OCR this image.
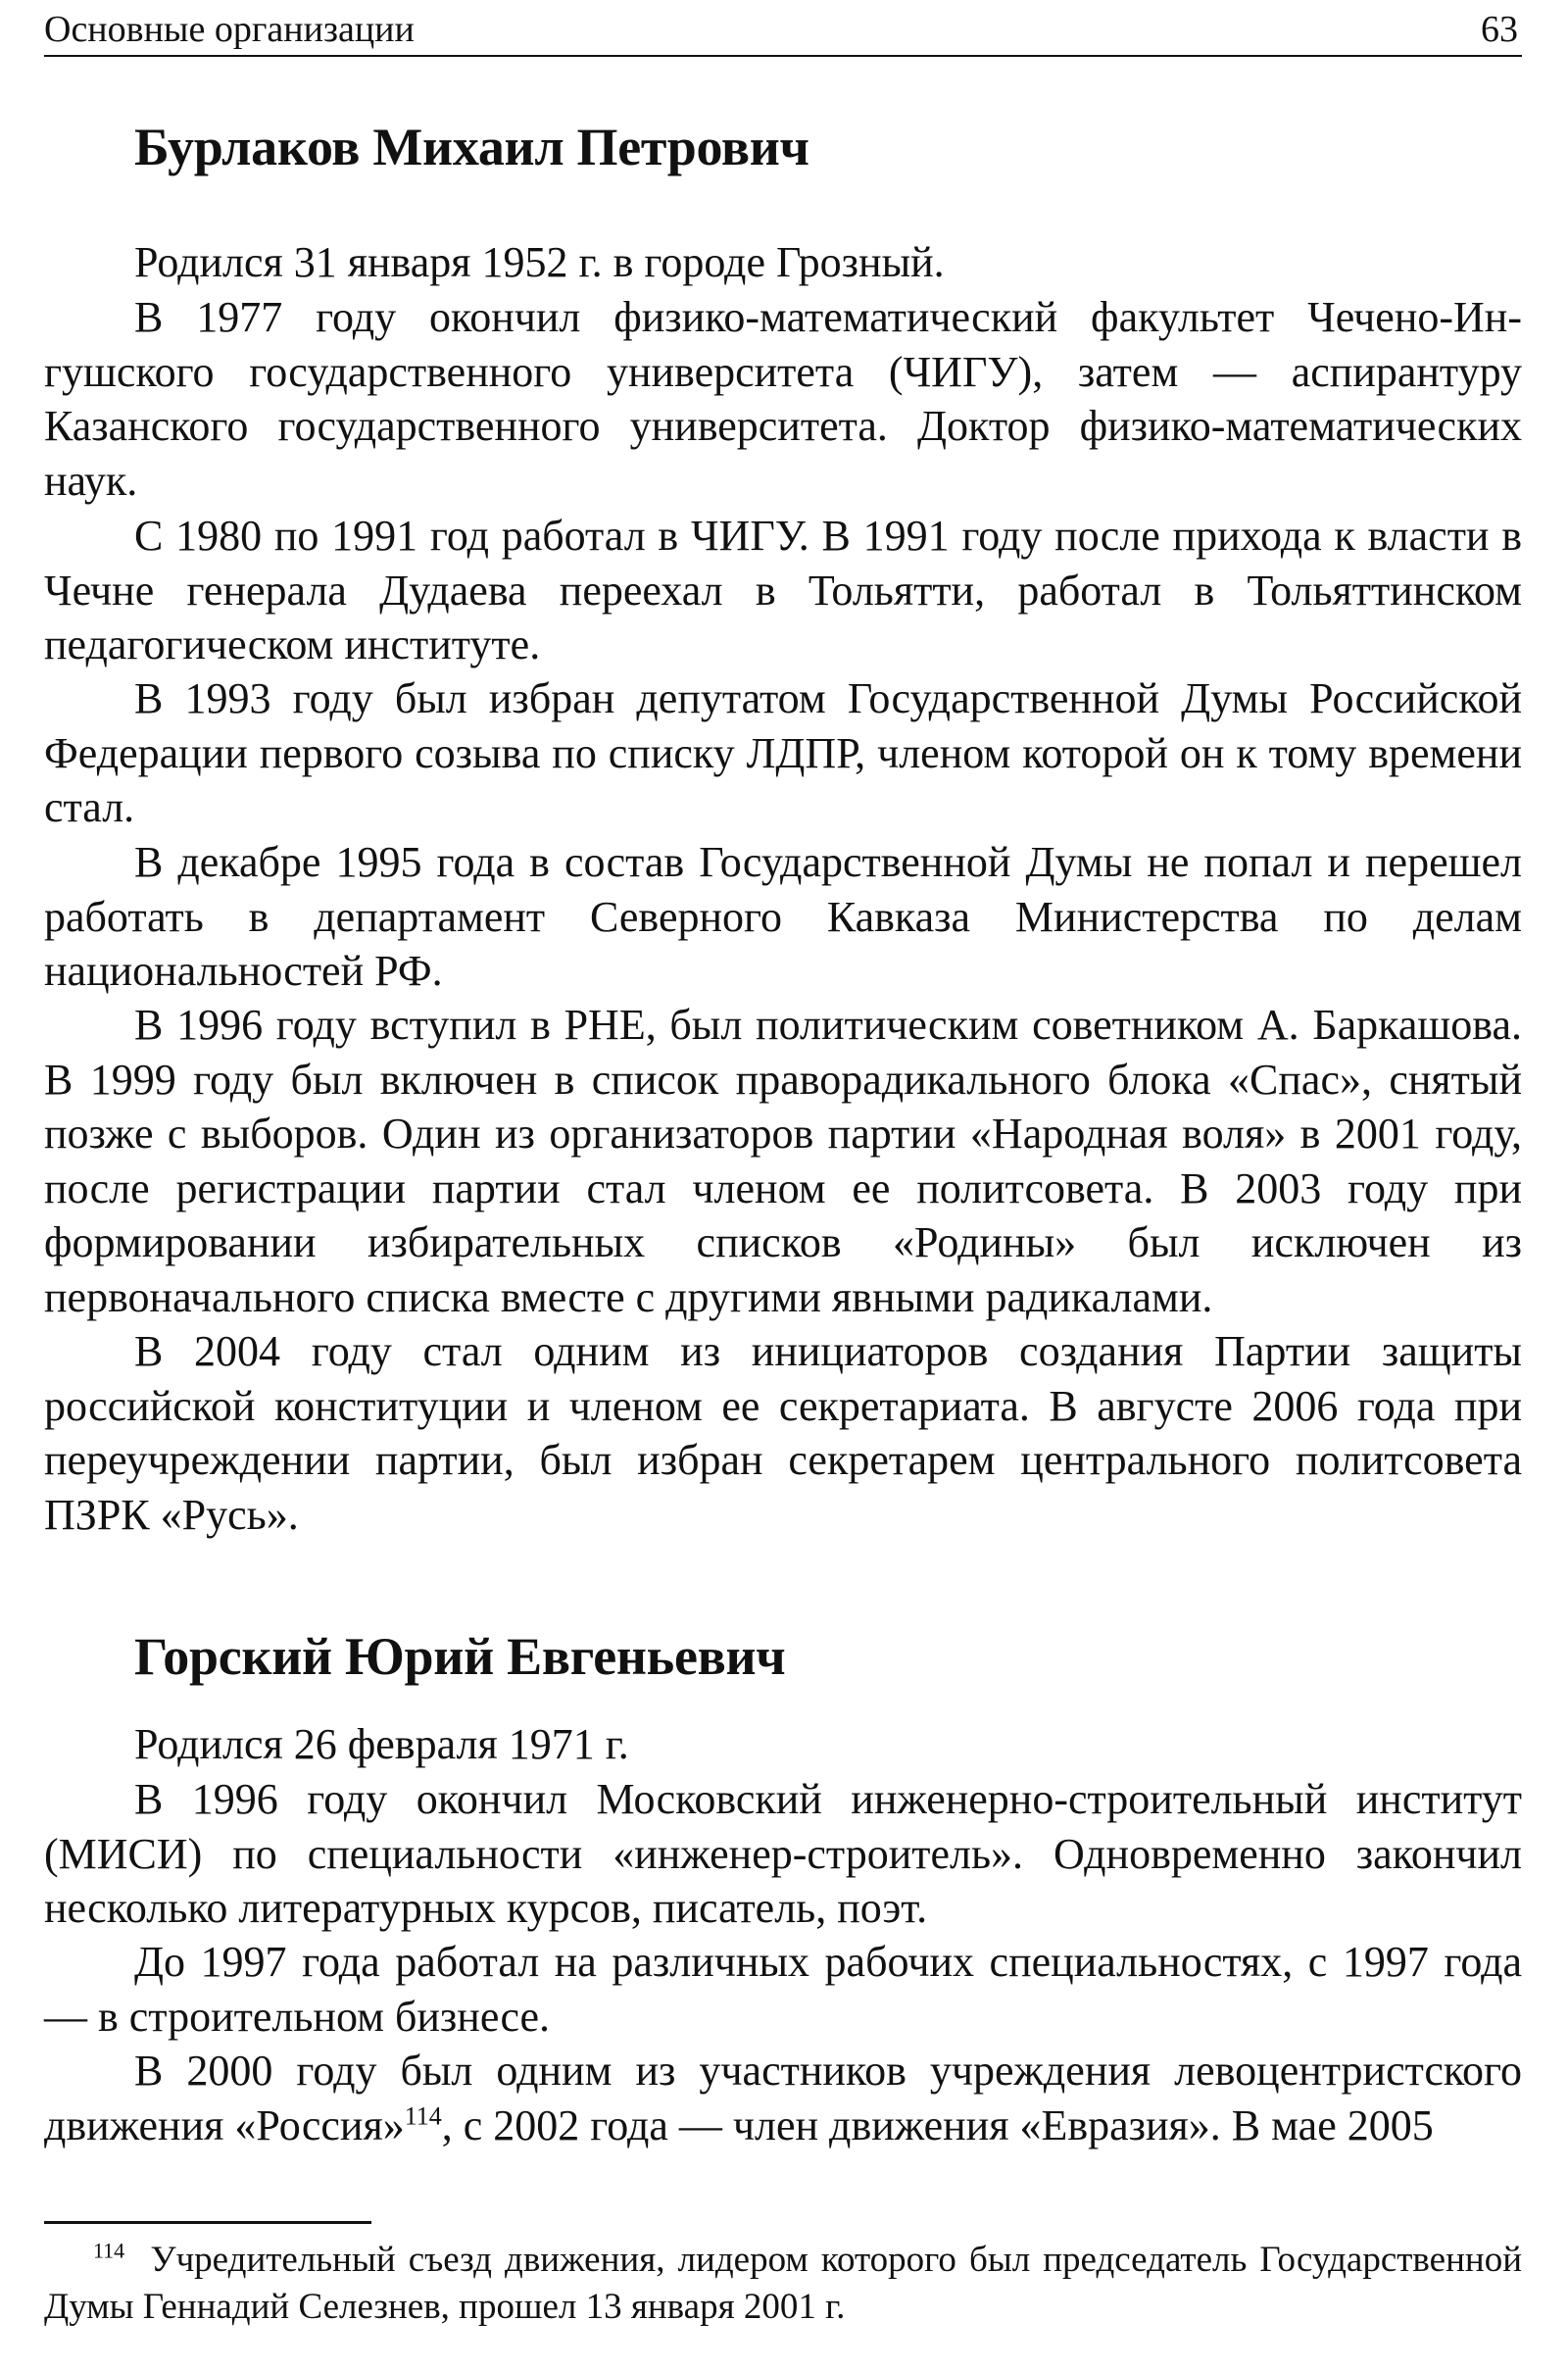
Основные организации	63
Бурлаков Михаил Петрович

Родился 31 января 1952 г. в городе Грозный.

В 1977 году окончил физико-математический факультет Чечено-Ингушского государственного университета (ЧИГУ), затем — аспирантуру Казанского государственного университета. Доктор физико-математических наук.

С 1980 по 1991 год работал в ЧИГУ. В 1991 году после прихода к власти в Чечне генерала Дудаева переехал в Тольятти, работал в Тольяттинском педагогическом институте.

В 1993 году был избран депутатом Государственной Думы Российской Федерации первого созыва по списку ЛДПР, членом которой он к тому времени стал.

В декабре 1995 года в состав Государственной Думы не попал и перешел работать в департамент Северного Кавказа Министерства по делам национальностей РФ.

В 1996 году вступил в РНЕ, был политическим советником А. Баркашова. В 1999 году был включен в список праворадикального блока «Спас», снятый позже с выборов. Один из организаторов партии «Народная воля» в 2001 году, после регистрации партии стал членом ее политсовета. В 2003 году при формировании избирательных списков «Родины» был исключен из первоначального списка вместе с другими явными радикалами.

В 2004 году стал одним из инициаторов создания Партии защиты российской конституции и членом ее секретариата. В августе 2006 года при переучреждении партии, был избран секретарем центрального политсовета ПЗРК «Русь».

Горский Юрий Евгеньевич

Родился 26 февраля 1971 г.

В 1996 году окончил Московский инженерно-строительный институт (МИСИ) по специальности «инженер-строитель». Одновременно закончил несколько литературных курсов, писатель, поэт.

До 1997 года работал на различных рабочих специальностях, с 1997 года — в строительном бизнесе.

В 2000 году был одним из участников учреждения левоцентристского движения «Россия»$^{114}$, с 2002 года — член движения «Евразия». В мае 2005

$^{114}$ Учредительный съезд движения, лидером которого был председатель Государственной Думы Геннадий Селезнев, прошел 13 января 2001 г.
